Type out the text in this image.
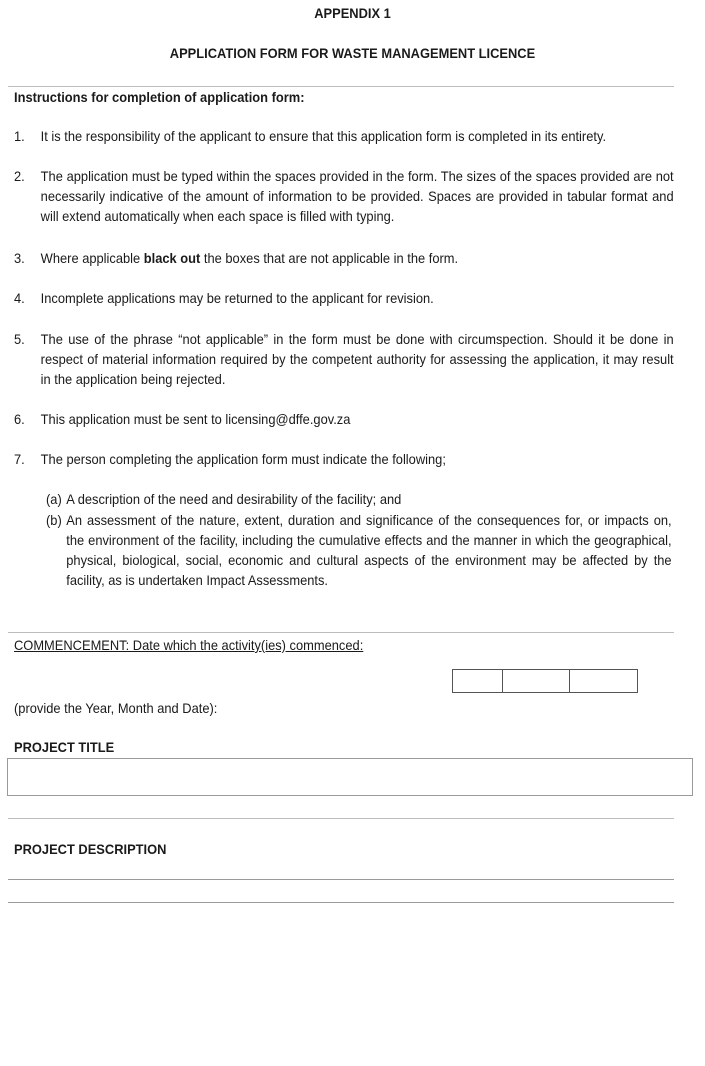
APPENDIX 1
APPLICATION FORM FOR WASTE MANAGEMENT LICENCE
Instructions for completion of application form:
1.	It is the responsibility of the applicant to ensure that this application form is completed in its entirety.
2.	The application must be typed within the spaces provided in the form. The sizes of the spaces provided are not necessarily indicative of the amount of information to be provided. Spaces are provided in tabular format and will extend automatically when each space is filled with typing.
3.	Where applicable black out the boxes that are not applicable in the form.
4.	Incomplete applications may be returned to the applicant for revision.
5.	The use of the phrase “not applicable” in the form must be done with circumspection. Should it be done in respect of material information required by the competent authority for assessing the application, it may result in the application being rejected.
6.	This application must be sent to licensing@dffe.gov.za
7.	The person completing the application form must indicate the following;
(a) A description of the need and desirability of the facility; and
(b) An assessment of the nature, extent, duration and significance of the consequences for, or impacts on, the environment of the facility, including the cumulative effects and the manner in which the geographical, physical, biological, social, economic and cultural aspects of the environment may be affected by the facility, as is undertaken Impact Assessments.
COMMENCEMENT: Date which the activity(ies) commenced:
(provide the Year, Month and Date):
PROJECT TITLE
PROJECT DESCRIPTION
